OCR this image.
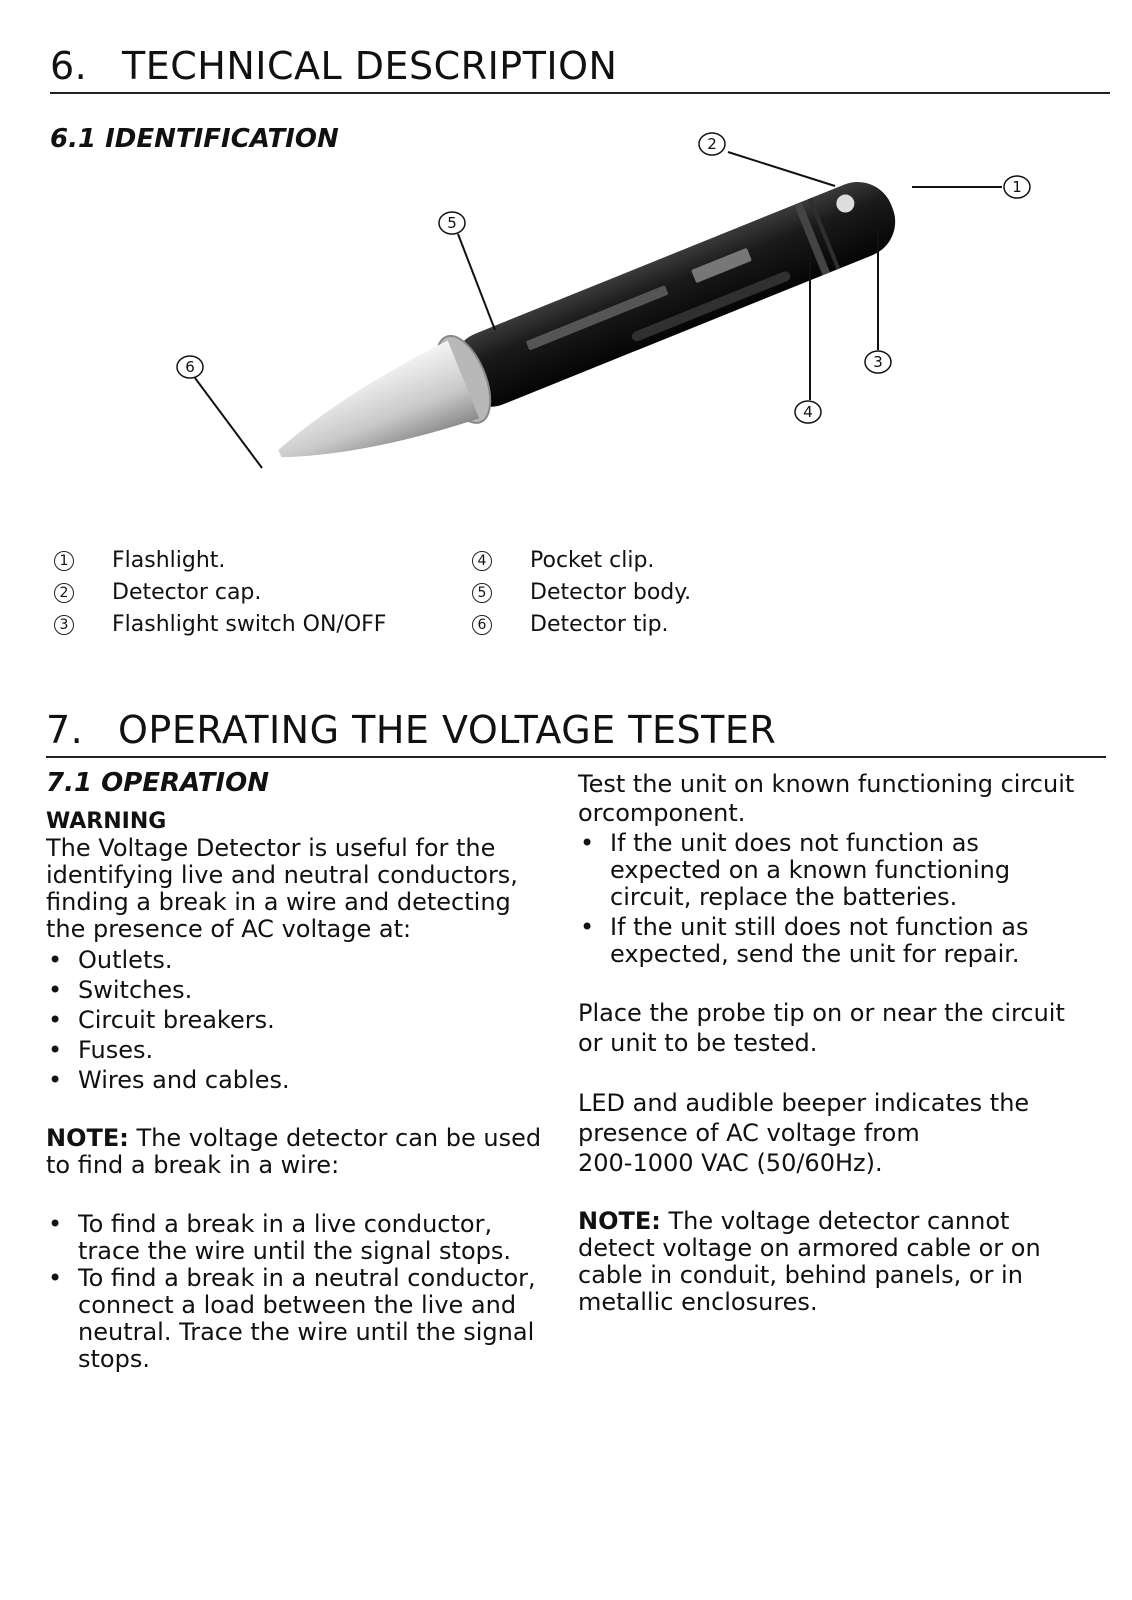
6. TECHNICAL DESCRIPTION
6.1 IDENTIFICATION
1
2
3
4
5
6
1 Flashlight.
2 Detector cap.
3 Flashlight switch ON/OFF
4 Pocket clip.
5 Detector body.
6 Detector tip.
7. OPERATING THE VOLTAGE TESTER
7.1 OPERATION

WARNING

The Voltage Detector is useful for the identifying live and neutral conductors, finding a break in a wire and detecting the presence of AC voltage at:

• Outlets.
• Switches.
• Circuit breakers.
• Fuses.
• Wires and cables.

NOTE: The voltage detector can be used to find a break in a wire:

• To find a break in a live conductor, trace the wire until the signal stops.
• To find a break in a neutral conductor, connect a load between the live and neutral. Trace the wire until the signal stops.

Test the unit on known functioning circuit orcomponent.

• If the unit does not function as expected on a known functioning circuit, replace the batteries.
• If the unit still does not function as expected, send the unit for repair.

Place the probe tip on or near the circuit or unit to be tested.

LED and audible beeper indicates the
presence of AC voltage from
200-1000 VAC (50/60Hz).

NOTE: The voltage detector cannot detect voltage on armored cable or on cable in conduit, behind panels, or in metallic enclosures.
